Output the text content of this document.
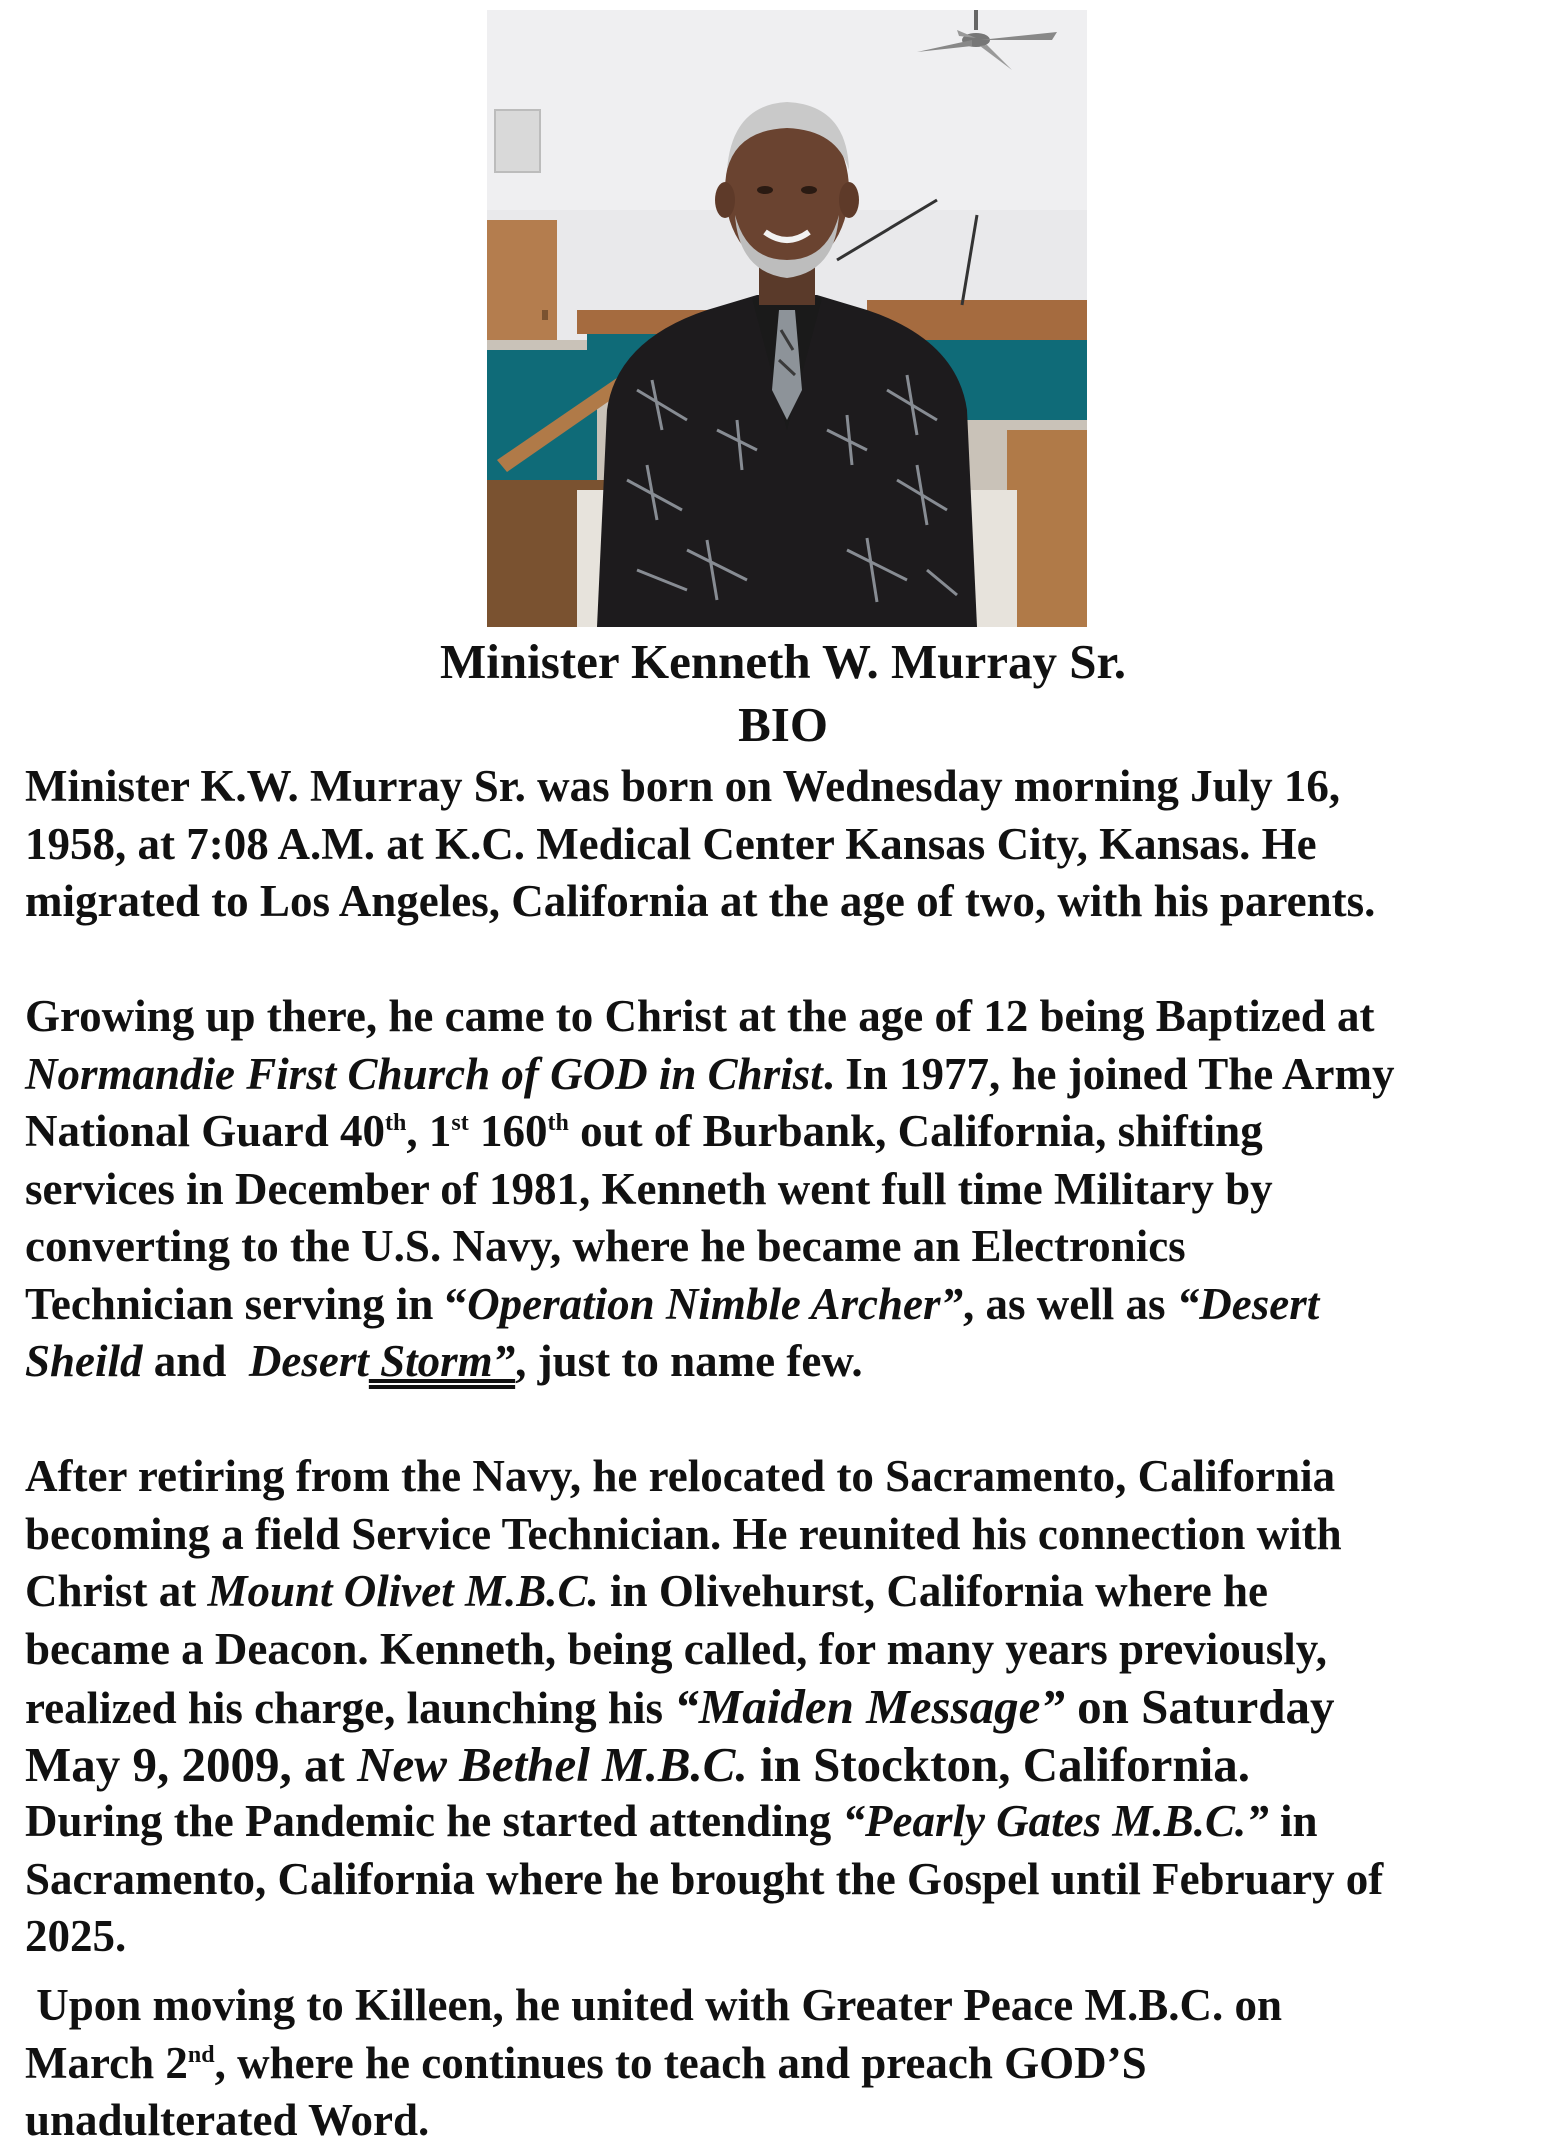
Minister Kenneth W. Murray Sr.
BIO
Minister K.W. Murray Sr. was born on Wednesday morning July 16,
1958, at 7:08 A.M. at K.C. Medical Center Kansas City, Kansas. He
migrated to Los Angeles, California at the age of two, with his parents.
Growing up there, he came to Christ at the age of 12 being Baptized at
Normandie First Church of GOD in Christ. In 1977, he joined The Army
National Guard 40th, 1st 160th out of Burbank, California, shifting
services in December of 1981, Kenneth went full time Military by
converting to the U.S. Navy, where he became an Electronics
Technician serving in “Operation Nimble Archer”, as well as “Desert
Sheild and  Desert Storm”, just to name few.
After retiring from the Navy, he relocated to Sacramento, California
becoming a field Service Technician. He reunited his connection with
Christ at Mount Olivet M.B.C. in Olivehurst, California where he
became a Deacon. Kenneth, being called, for many years previously,
realized his charge, launching his “Maiden Message” on Saturday
May 9, 2009, at New Bethel M.B.C. in Stockton, California.
During the Pandemic he started attending “Pearly Gates M.B.C.” in
Sacramento, California where he brought the Gospel until February of
2025.
Upon moving to Killeen, he united with Greater Peace M.B.C. on
March 2nd, where he continues to teach and preach GOD’S
unadulterated Word.
